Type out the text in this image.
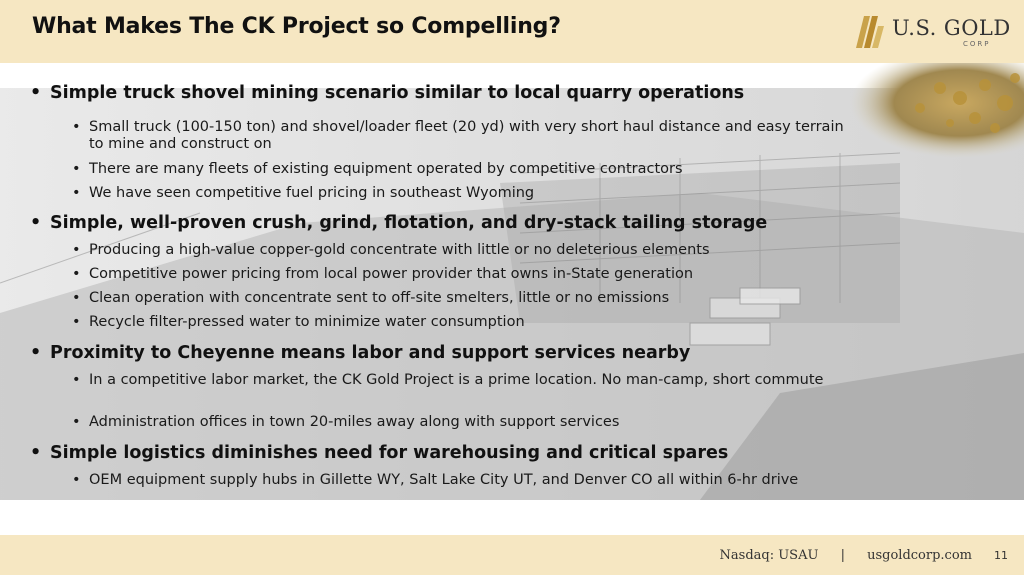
What Makes The CK Project so Compelling?	U.S. GOLD
CORP
• Simple truck shovel mining scenario similar to local quarry operations
• Small truck (100-150 ton) and shovel/loader fleet (20 yd) with very short haul distance and easy terrain to mine and construct on
• There are many fleets of existing equipment operated by competitive contractors
• We have seen competitive fuel pricing in southeast Wyoming
• Simple, well-proven crush, grind, flotation, and dry-stack tailing storage
• Producing a high-value copper-gold concentrate with little or no deleterious elements
• Competitive power pricing from local power provider that owns in-State generation
• Clean operation with concentrate sent to off-site smelters, little or no emissions
• Recycle filter-pressed water to minimize water consumption
• Proximity to Cheyenne means labor and support services nearby
• In a competitive labor market, the CK Gold Project is a prime location. No man-camp, short commute
• Administration offices in town 20-miles away along with support services
• Simple logistics diminishes need for warehousing and critical spares
• OEM equipment supply hubs in Gillette WY, Salt Lake City UT, and Denver CO all within 6-hr drive
Nasdaq: USAU | usgoldcorp.com 11
